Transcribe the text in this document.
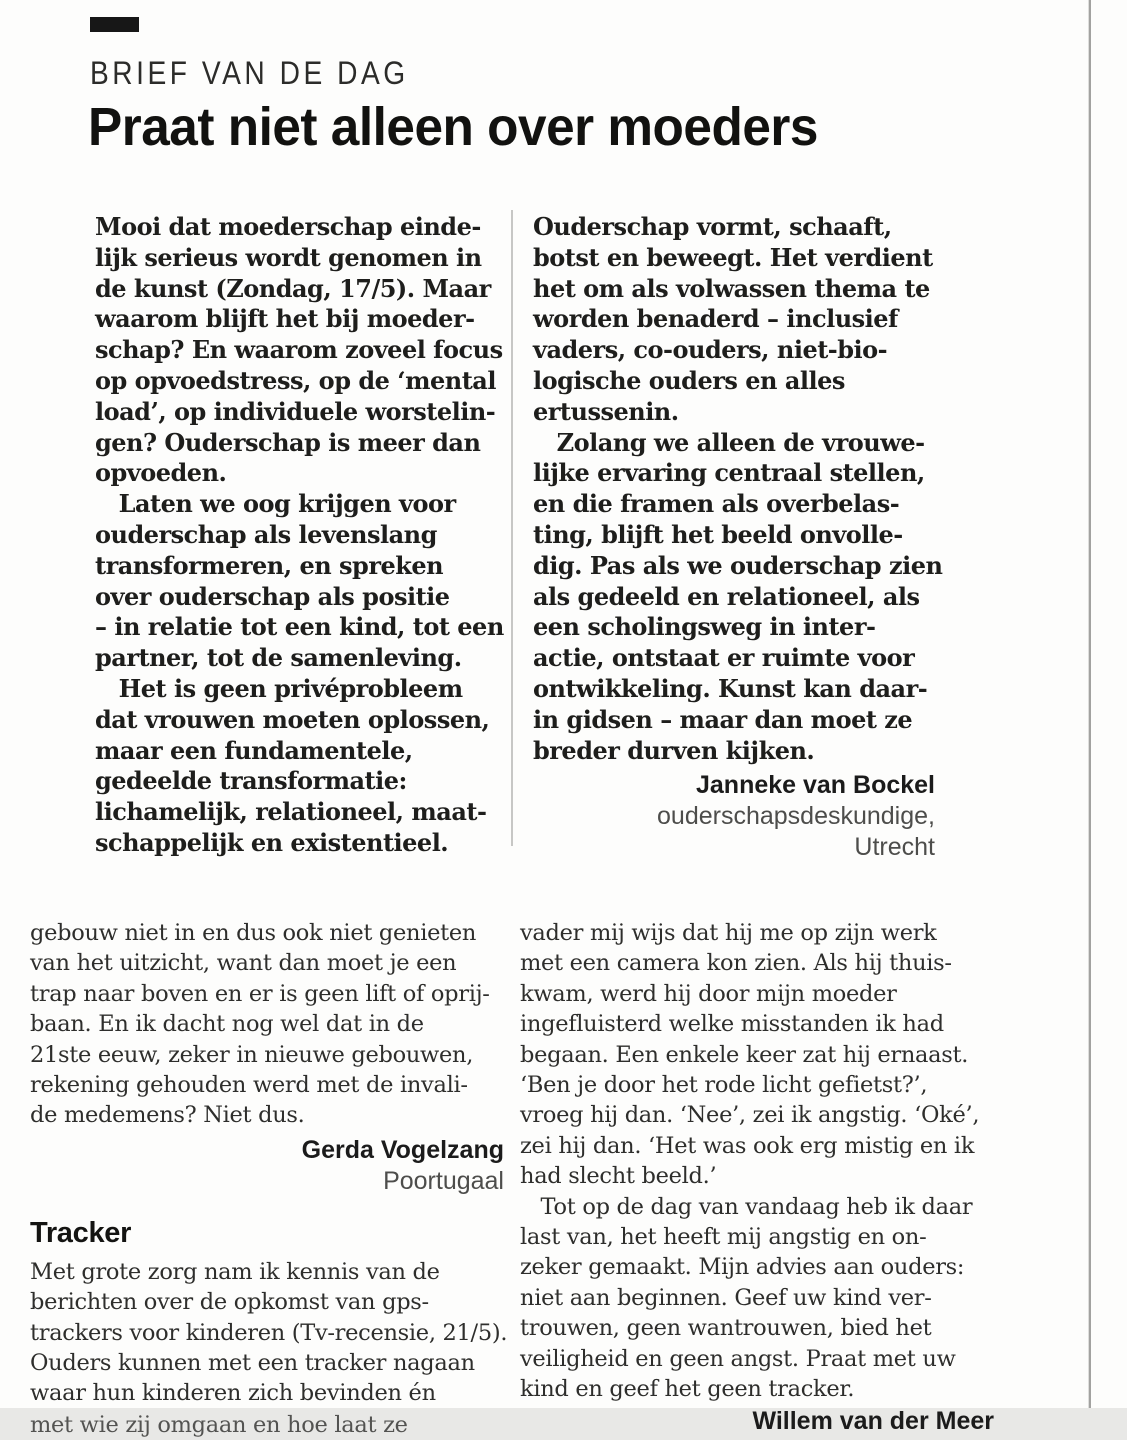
BRIEF VAN DE DAG
Praat niet alleen over moeders
Mooi dat moederschap einde-
lijk serieus wordt genomen in
de kunst (Zondag, 17/5). Maar
waarom blijft het bij moeder-
schap? En waarom zoveel focus
op opvoedstress, op de ‘mental
load’, op individuele worstelin-
gen? Ouderschap is meer dan
opvoeden.
Laten we oog krijgen voor
ouderschap als levenslang
transformeren, en spreken
over ouderschap als positie
– in relatie tot een kind, tot een
partner, tot de samenleving.
Het is geen privéprobleem
dat vrouwen moeten oplossen,
maar een fundamentele,
gedeelde transformatie:
lichamelijk, relationeel, maat-
schappelijk en existentieel.
Ouderschap vormt, schaaft,
botst en beweegt. Het verdient
het om als volwassen thema te
worden benaderd – inclusief
vaders, co-ouders, niet-bio-
logische ouders en alles
ertussenin.
Zolang we alleen de vrouwe-
lijke ervaring centraal stellen,
en die framen als overbelas-
ting, blijft het beeld onvolle-
dig. Pas als we ouderschap zien
als gedeeld en relationeel, als
een scholingsweg in inter-
actie, ontstaat er ruimte voor
ontwikkeling. Kunst kan daar-
in gidsen – maar dan moet ze
breder durven kijken.
Janneke van Bockel
ouderschapsdeskundige,
Utrecht
gebouw niet in en dus ook niet genieten
van het uitzicht, want dan moet je een
trap naar boven en er is geen lift of oprij-
baan. En ik dacht nog wel dat in de
21ste eeuw, zeker in nieuwe gebouwen,
rekening gehouden werd met de invali-
de medemens? Niet dus.
Gerda Vogelzang
Poortugaal
Tracker
Met grote zorg nam ik kennis van de
berichten over de opkomst van gps-
trackers voor kinderen (Tv-recensie, 21/5).
Ouders kunnen met een tracker nagaan
waar hun kinderen zich bevinden én
met wie zij omgaan en hoe laat ze
vader mij wijs dat hij me op zijn werk
met een camera kon zien. Als hij thuis-
kwam, werd hij door mijn moeder
ingefluisterd welke misstanden ik had
begaan. Een enkele keer zat hij ernaast.
‘Ben je door het rode licht gefietst?’,
vroeg hij dan. ‘Nee’, zei ik angstig. ‘Oké’,
zei hij dan. ‘Het was ook erg mistig en ik
had slecht beeld.’
Tot op de dag van vandaag heb ik daar
last van, het heeft mij angstig en on-
zeker gemaakt. Mijn advies aan ouders:
niet aan beginnen. Geef uw kind ver-
trouwen, geen wantrouwen, bied het
veiligheid en geen angst. Praat met uw
kind en geef het geen tracker.
Willem van der Meer
